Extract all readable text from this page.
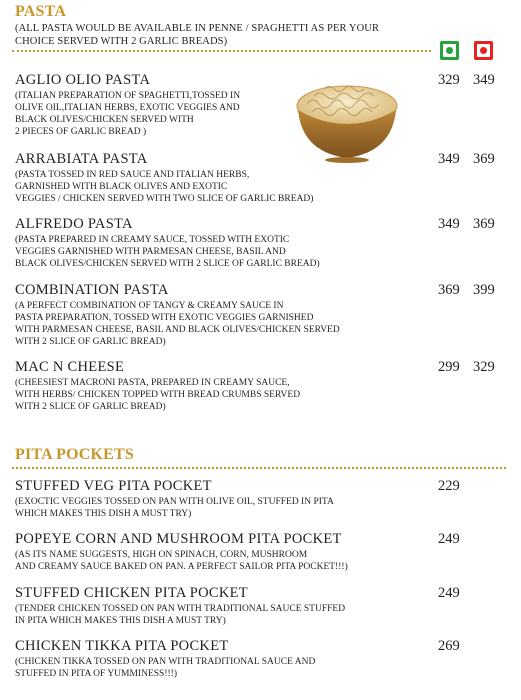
PASTA
(ALL PASTA WOULD BE AVAILABLE IN PENNE / SPAGHETTI AS PER YOUR CHOICE SERVED WITH 2 GARLIC BREADS)
AGLIO OLIO PASTA
(ITALIAN PREPARATION OF SPAGHETTI,TOSSED IN
OLIVE OIL,ITALIAN HERBS, EXOTIC VEGGIES AND
BLACK OLIVES/CHICKEN SERVED WITH
2 PIECES OF GARLIC BREAD )
329 349
ARRABIATA PASTA
(PASTA TOSSED IN RED SAUCE AND ITALIAN HERBS,
GARNISHED WITH BLACK OLIVES AND EXOTIC
VEGGIES / CHICKEN SERVED WITH TWO SLICE OF GARLIC BREAD)
349 369
ALFREDO PASTA
(PASTA PREPARED IN CREAMY SAUCE, TOSSED WITH EXOTIC
VEGGIES GARNISHED WITH PARMESAN CHEESE, BASIL AND
BLACK OLIVES/CHICKEN SERVED WITH 2 SLICE OF GARLIC BREAD)
349 369
COMBINATION PASTA
(A PERFECT COMBINATION OF TANGY & CREAMY SAUCE IN
PASTA PREPARATION, TOSSED WITH EXOTIC VEGGIES GARNISHED
WITH PARMESAN CHEESE, BASIL AND BLACK OLIVES/CHICKEN SERVED
WITH 2 SLICE OF GARLIC BREAD)
369 399
MAC N CHEESE
(CHEESIEST MACRONI PASTA, PREPARED IN CREAMY SAUCE,
WITH HERBS/ CHICKEN TOPPED WITH BREAD CRUMBS SERVED
WITH 2 SLICE OF GARLIC BREAD)
299 329
PITA POCKETS
STUFFED VEG PITA POCKET
(EXOCTIC VEGGIES TOSSED ON PAN WITH OLIVE OIL, STUFFED IN PITA
WHICH MAKES THIS DISH A MUST TRY)
229
POPEYE CORN AND MUSHROOM PITA POCKET
(AS ITS NAME SUGGESTS, HIGH ON SPINACH, CORN, MUSHROOM
AND CREAMY SAUCE BAKED ON PAN. A PERFECT SAILOR PITA POCKET!!!)
249
STUFFED CHICKEN PITA POCKET
(TENDER CHICKEN TOSSED ON PAN WITH TRADITIONAL SAUCE STUFFED
IN PITA WHICH MAKES THIS DISH A MUST TRY)
249
CHICKEN TIKKA PITA POCKET
(CHICKEN TIKKA TOSSED ON PAN WITH TRADITIONAL SAUCE AND
STUFFED IN PITA OF YUMMINESS!!!)
269
